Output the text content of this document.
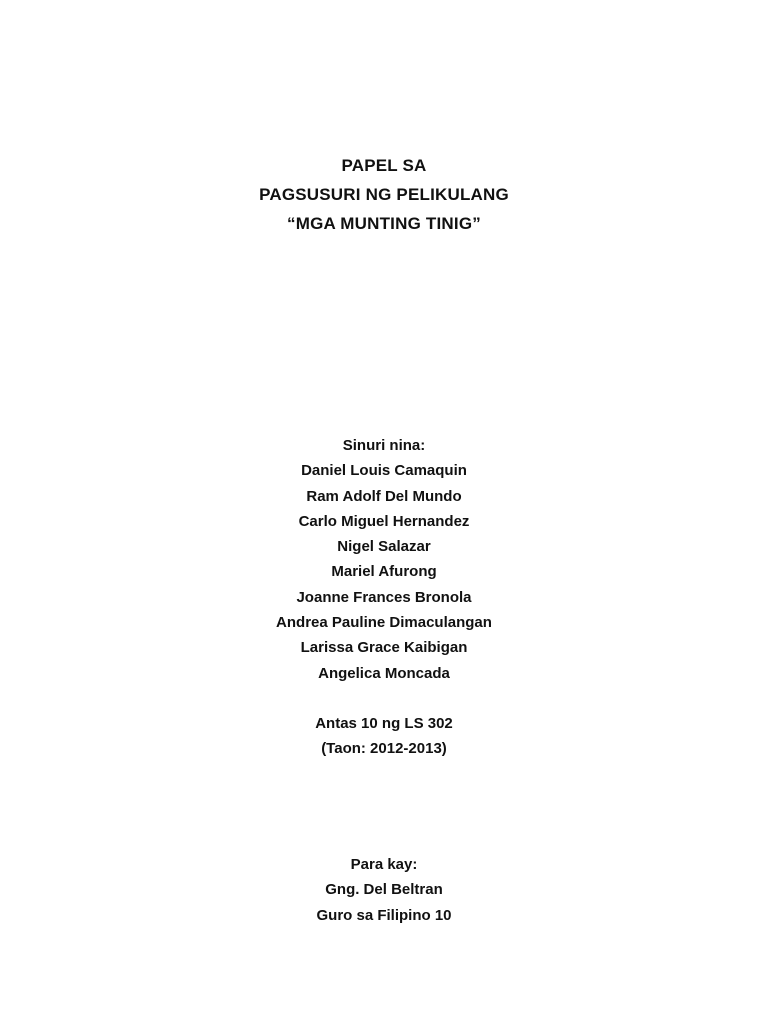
PAPEL SA

PAGSUSURI NG PELIKULANG

“MGA MUNTING TINIG”

Sinuri nina:

Daniel Louis Camaquin

Ram Adolf Del Mundo

Carlo Miguel Hernandez

Nigel Salazar

Mariel Afurong

Joanne Frances Bronola

Andrea Pauline Dimaculangan

Larissa Grace Kaibigan

Angelica Moncada

Antas 10 ng LS 302

(Taon: 2012-2013)

Para kay:

Gng. Del Beltran

Guro sa Filipino 10
